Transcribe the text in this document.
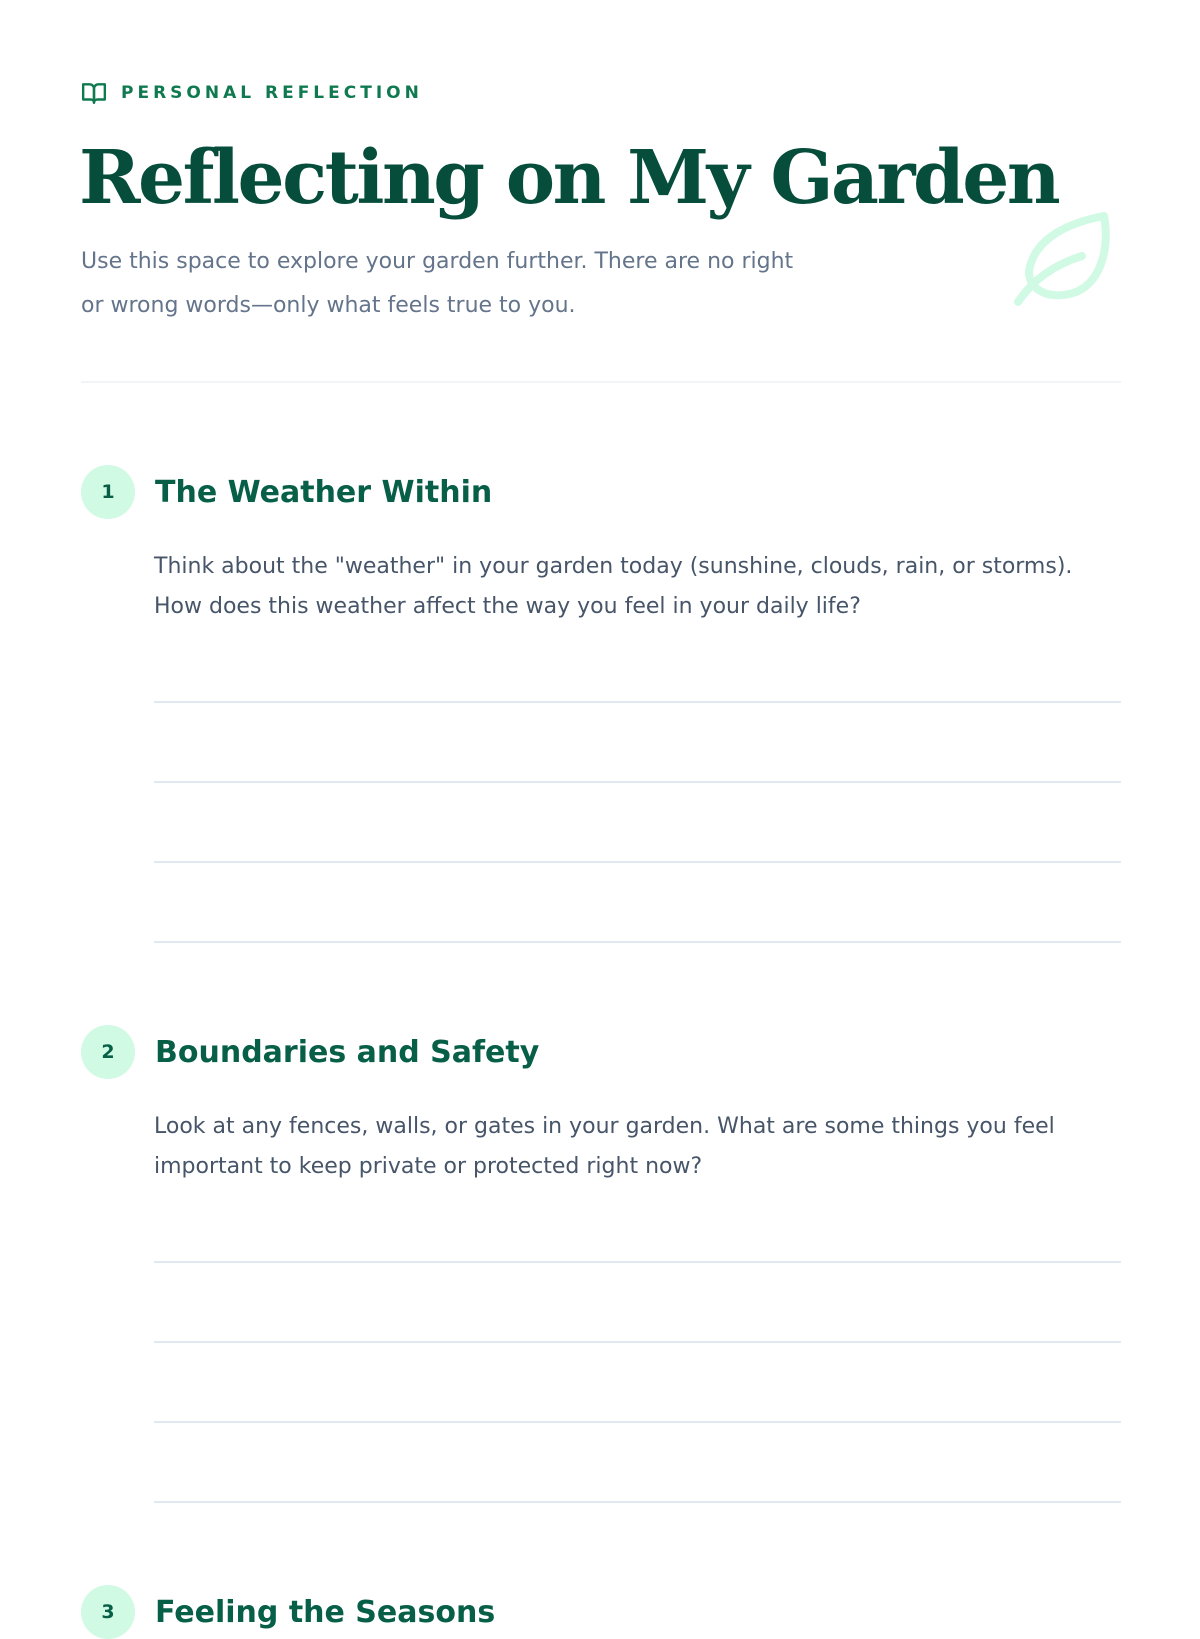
PERSONAL REFLECTION
Reflecting on My Garden

Use this space to explore your garden further. There are no right or wrong words—only what feels true to you.

1	The Weather Within

Think about the "weather" in your garden today (sunshine, clouds, rain, or storms). How does this weather affect the way you feel in your daily life?

2	Boundaries and Safety

Look at any fences, walls, or gates in your garden. What are some things you feel important to keep private or protected right now?

3	Feeling the Seasons
